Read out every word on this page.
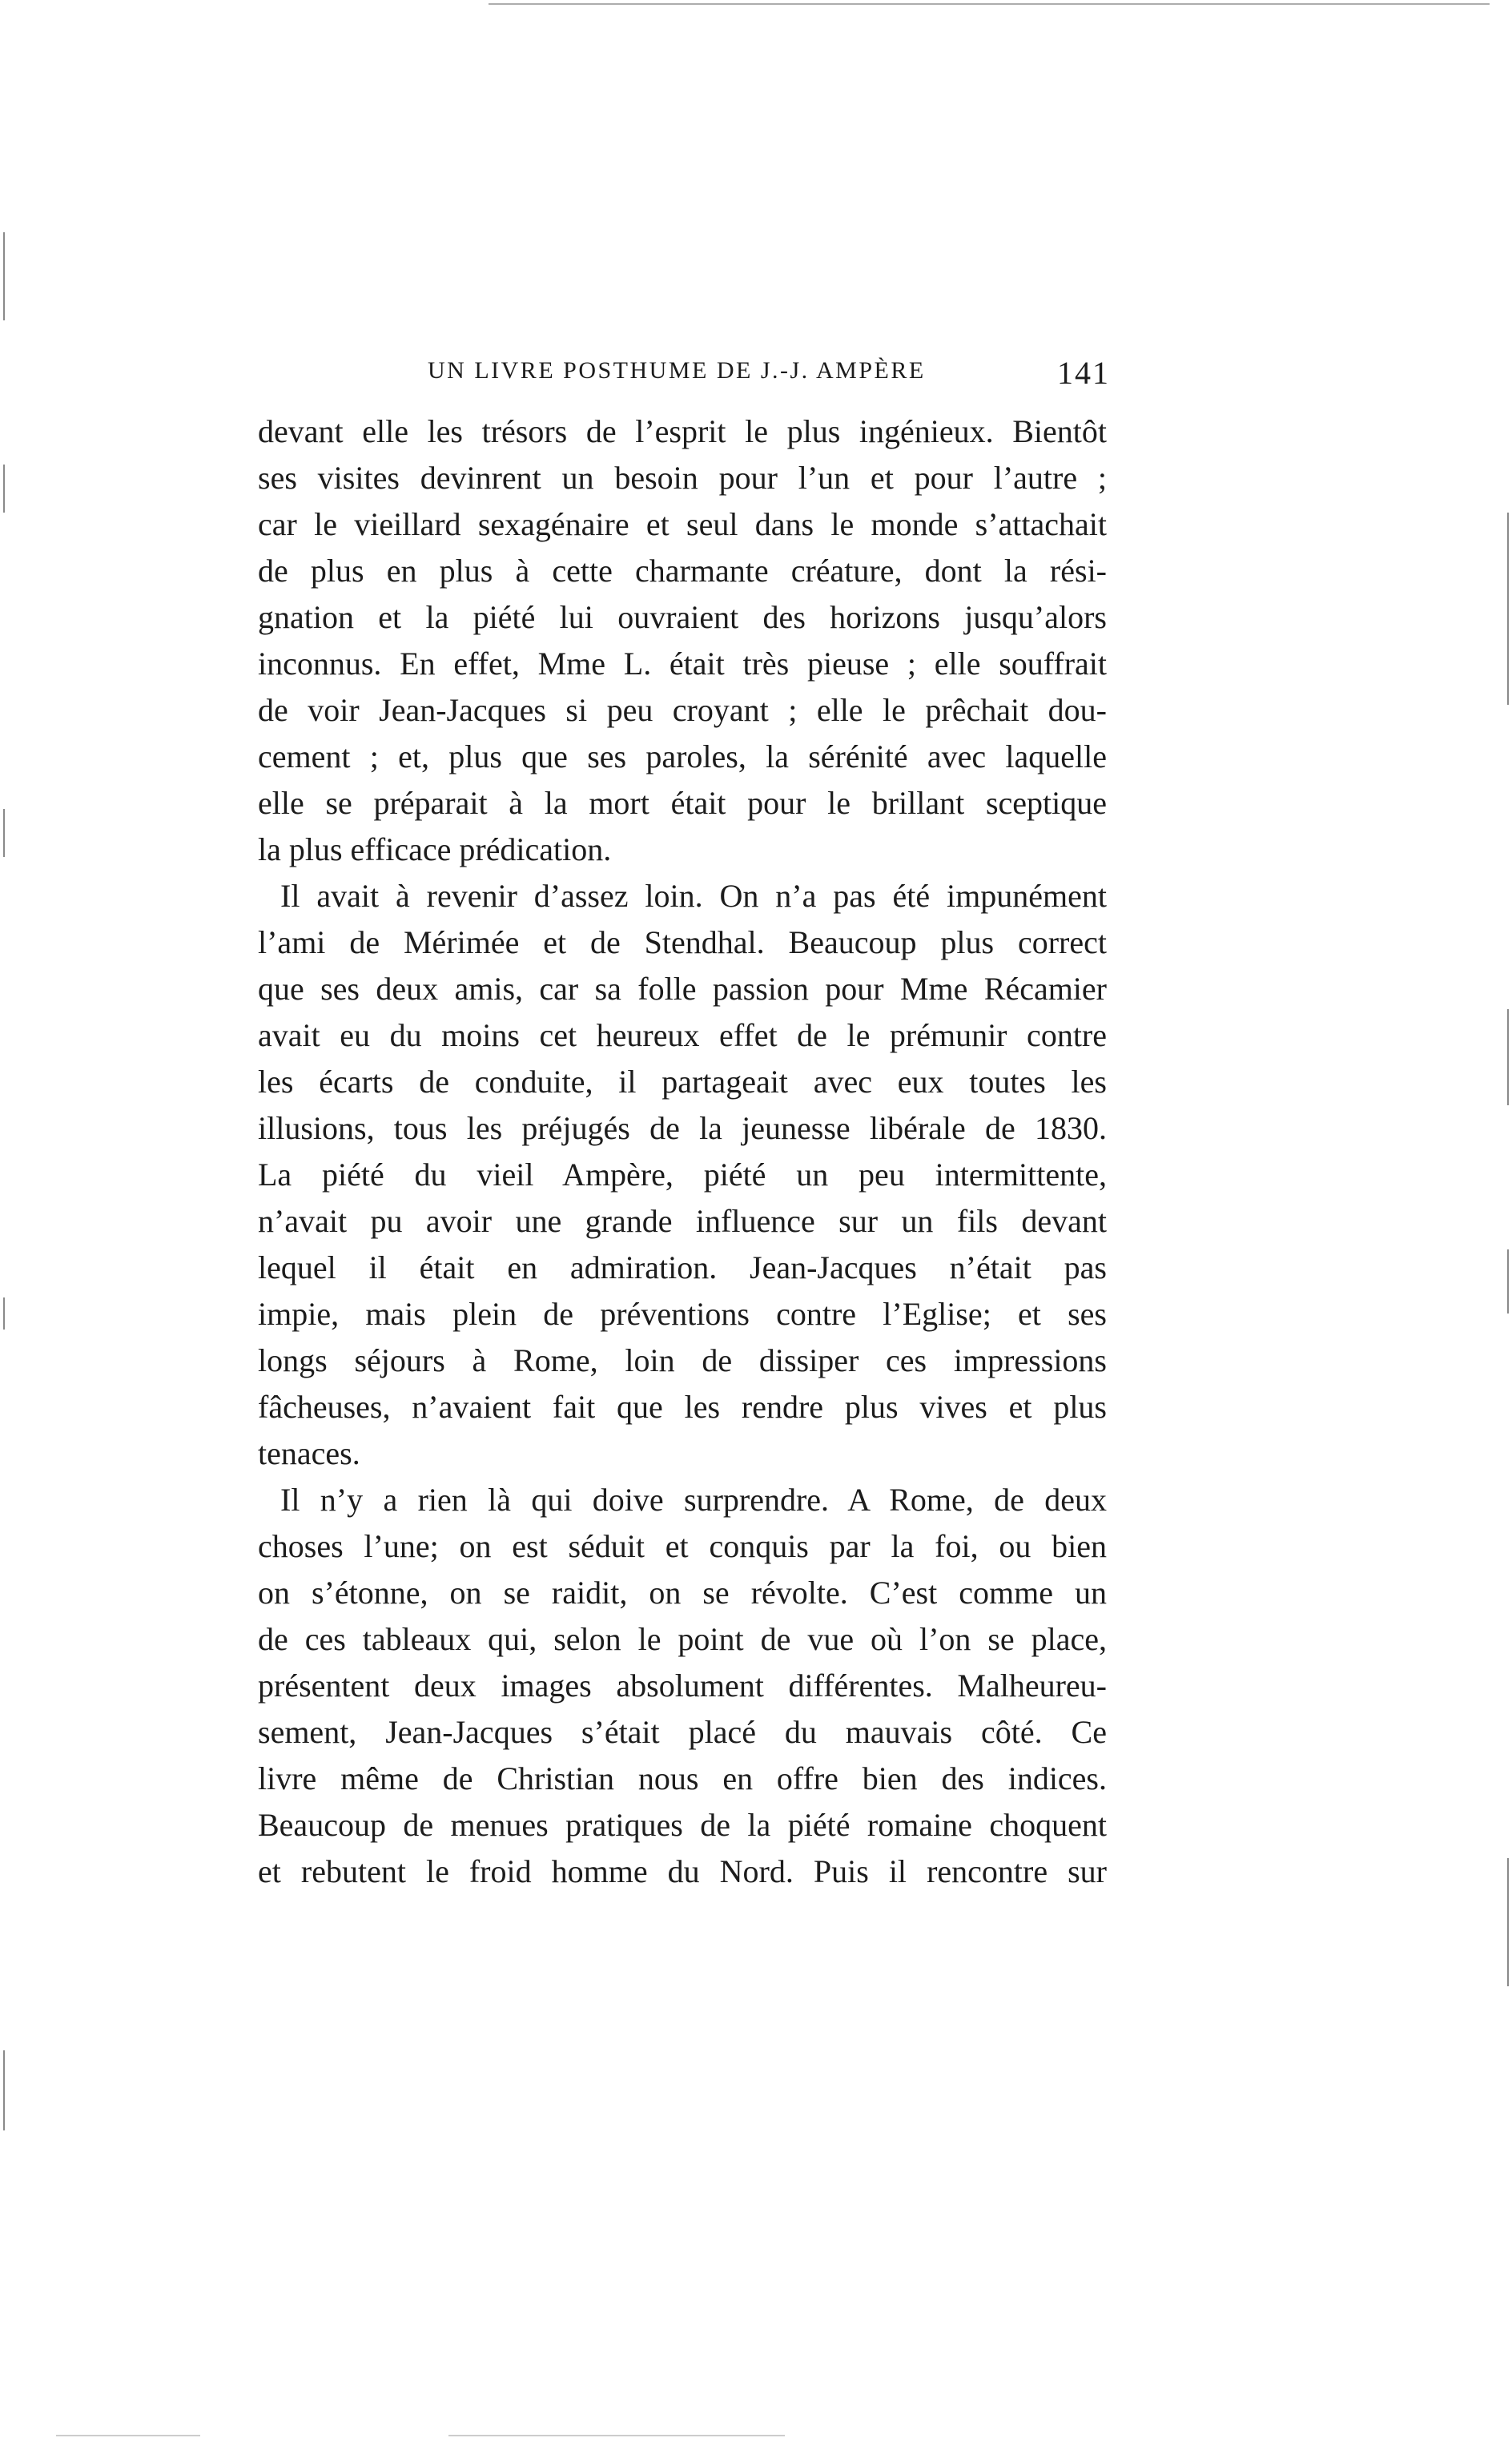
UN LIVRE POSTHUME DE J.-J. AMPÈRE	141
devant elle les trésors de l’esprit le plus ingénieux. Bientôt
ses visites devinrent un besoin pour l’un et pour l’autre ;
car le vieillard sexagénaire et seul dans le monde s’attachait
de plus en plus à cette charmante créature, dont la rési-
gnation et la piété lui ouvraient des horizons jusqu’alors
inconnus. En effet, Mme L. était très pieuse ; elle souffrait
de voir Jean-Jacques si peu croyant ; elle le prêchait dou-
cement ; et, plus que ses paroles, la sérénité avec laquelle
elle se préparait à la mort était pour le brillant sceptique
la plus efficace prédication.
Il avait à revenir d’assez loin. On n’a pas été impunément
l’ami de Mérimée et de Stendhal. Beaucoup plus correct
que ses deux amis, car sa folle passion pour Mme Récamier
avait eu du moins cet heureux effet de le prémunir contre
les écarts de conduite, il partageait avec eux toutes les
illusions, tous les préjugés de la jeunesse libérale de 1830.
La piété du vieil Ampère, piété un peu intermittente,
n’avait pu avoir une grande influence sur un fils devant
lequel il était en admiration. Jean-Jacques n’était pas
impie, mais plein de préventions contre l’Eglise; et ses
longs séjours à Rome, loin de dissiper ces impressions
fâcheuses, n’avaient fait que les rendre plus vives et plus
tenaces.
Il n’y a rien là qui doive surprendre. A Rome, de deux
choses l’une; on est séduit et conquis par la foi, ou bien
on s’étonne, on se raidit, on se révolte. C’est comme un
de ces tableaux qui, selon le point de vue où l’on se place,
présentent deux images absolument différentes. Malheureu-
sement, Jean-Jacques s’était placé du mauvais côté. Ce
livre même de Christian nous en offre bien des indices.
Beaucoup de menues pratiques de la piété romaine choquent
et rebutent le froid homme du Nord. Puis il rencontre sur
